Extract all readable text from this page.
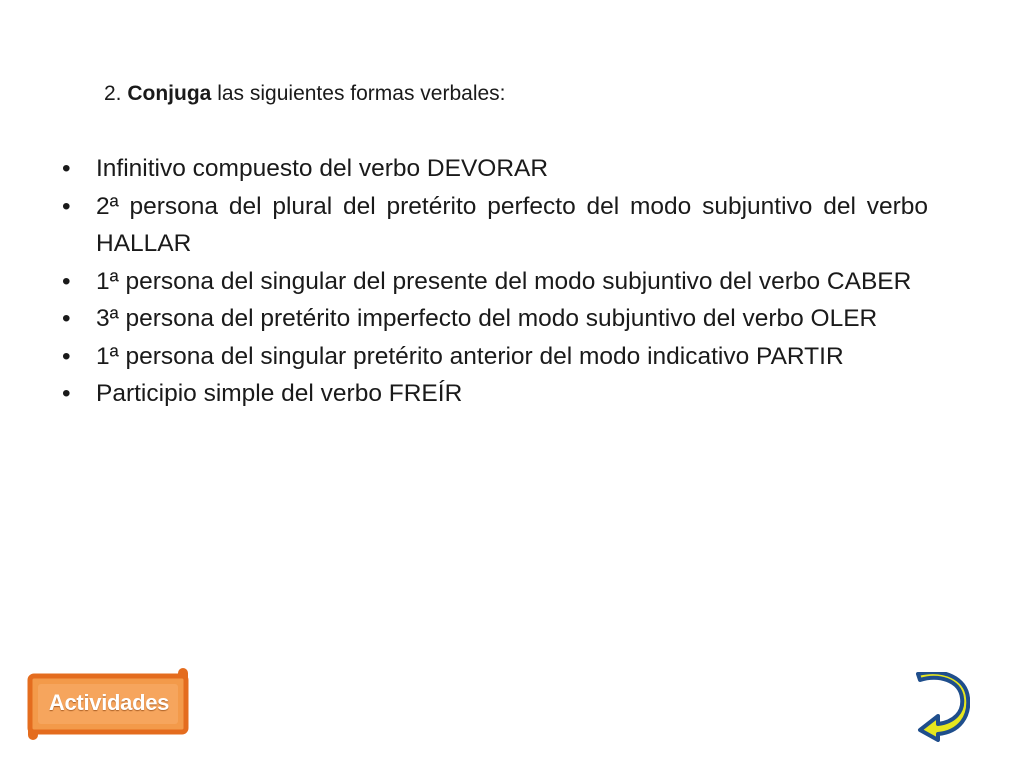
2. Conjuga las siguientes formas verbales:
•	Infinitivo compuesto del verbo DEVORAR
•	2ª persona del plural del pretérito perfecto del modo subjuntivo del verbo HALLAR
•	1ª persona del singular del presente del modo subjuntivo del verbo CABER
•	3ª persona del pretérito imperfecto del modo subjuntivo del verbo OLER
•	1ª persona del singular pretérito anterior del modo indicativo PARTIR
•	Participio simple del verbo FREÍR
Actividades
